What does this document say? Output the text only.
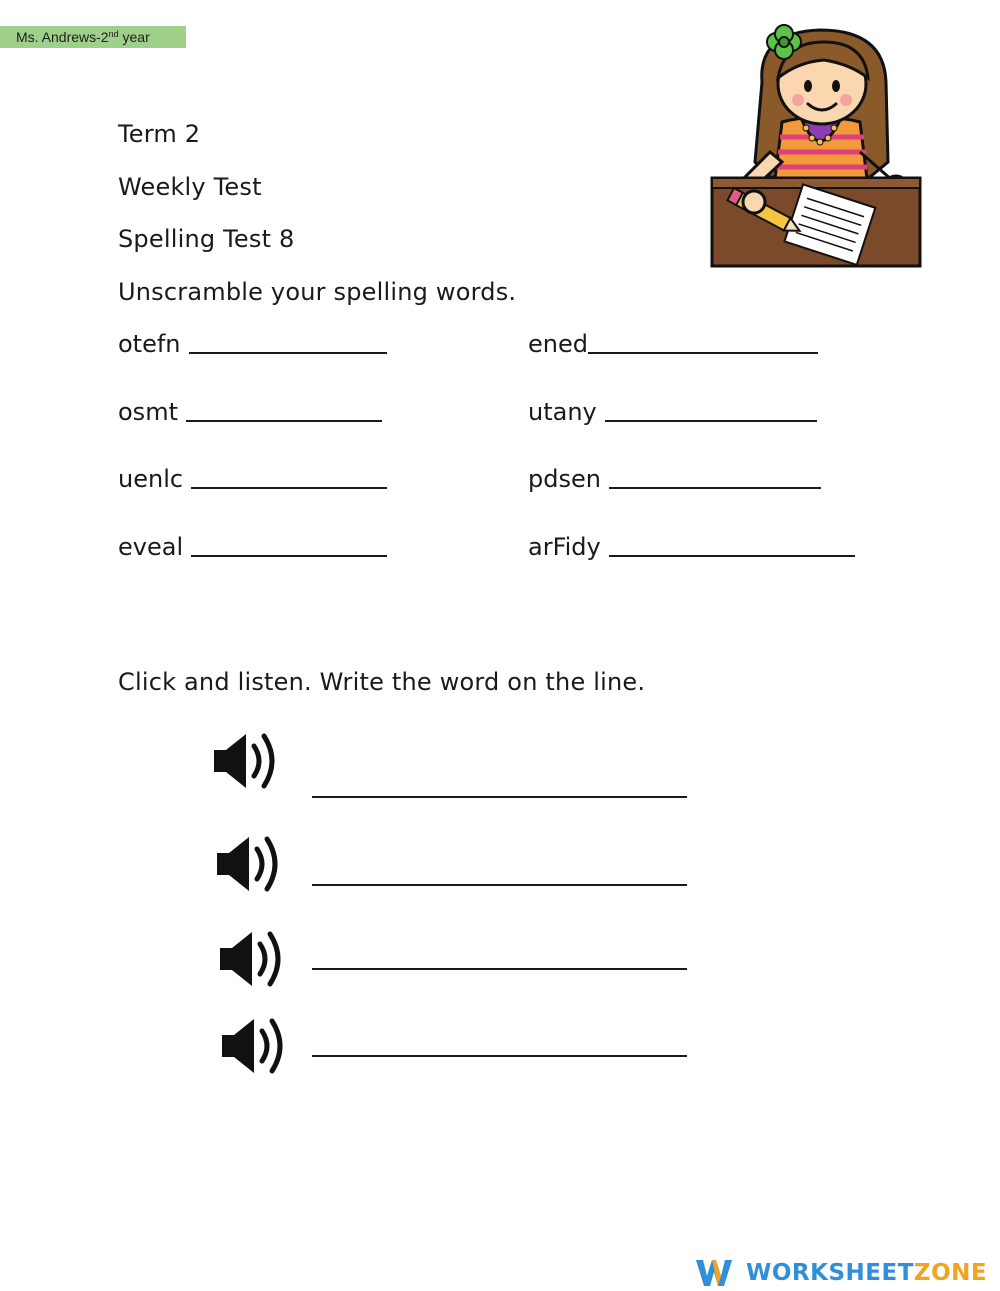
Ms. Andrews-2nd year
Term 2
Weekly Test
Spelling Test 8
Unscramble your spelling words.
otefn
osmt
uenlc
eveal
ened
utany
pdsen
arFidy
Click and listen. Write the word on the line.
WORKSHEETZONE
